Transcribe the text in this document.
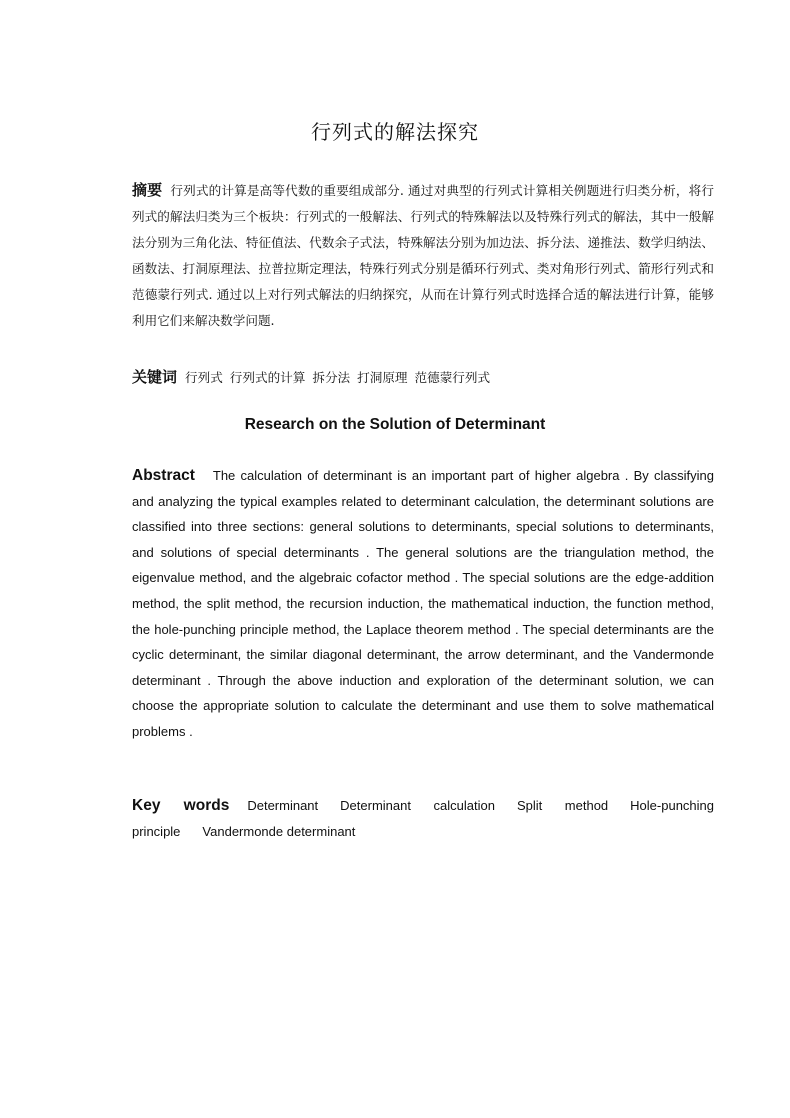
行列式的解法探究
摘要 行列式的计算是高等代数的重要组成部分. 通过对典型的行列式计算相关例题进行归类分析，将行列式的解法归类为三个板块：行列式的一般解法、行列式的特殊解法以及特殊行列式的解法，其中一般解法分别为三角化法、特征值法、代数余子式法，特殊解法分别为加边法、拆分法、递推法、数学归纳法、函数法、打洞原理法、拉普拉斯定理法，特殊行列式分别是循环行列式、类对角形行列式、箭形行列式和范德蒙行列式. 通过以上对行列式解法的归纳探究，从而在计算行列式时选择合适的解法进行计算，能够利用它们来解决数学问题.
关键词 行列式 行列式的计算 拆分法 打洞原理 范德蒙行列式
Research on the Solution of Determinant
Abstract The calculation of determinant is an important part of higher algebra . By classifying and analyzing the typical examples related to determinant calculation, the determinant solutions are classified into three sections: general solutions to determinants, special solutions to determinants, and solutions of special determinants . The general solutions are the triangulation method, the eigenvalue method, and the algebraic cofactor method . The special solutions are the edge-addition method, the split method, the recursion induction, the mathematical induction, the function method, the hole-punching principle method, the Laplace theorem method . The special determinants are the cyclic determinant, the similar diagonal determinant, the arrow determinant, and the Vandermonde determinant . Through the above induction and exploration of the determinant solution, we can choose the appropriate solution to calculate the determinant and use them to solve mathematical problems .
Key words Determinant Determinant calculation Split method Hole-punching principle Vandermonde determinant
